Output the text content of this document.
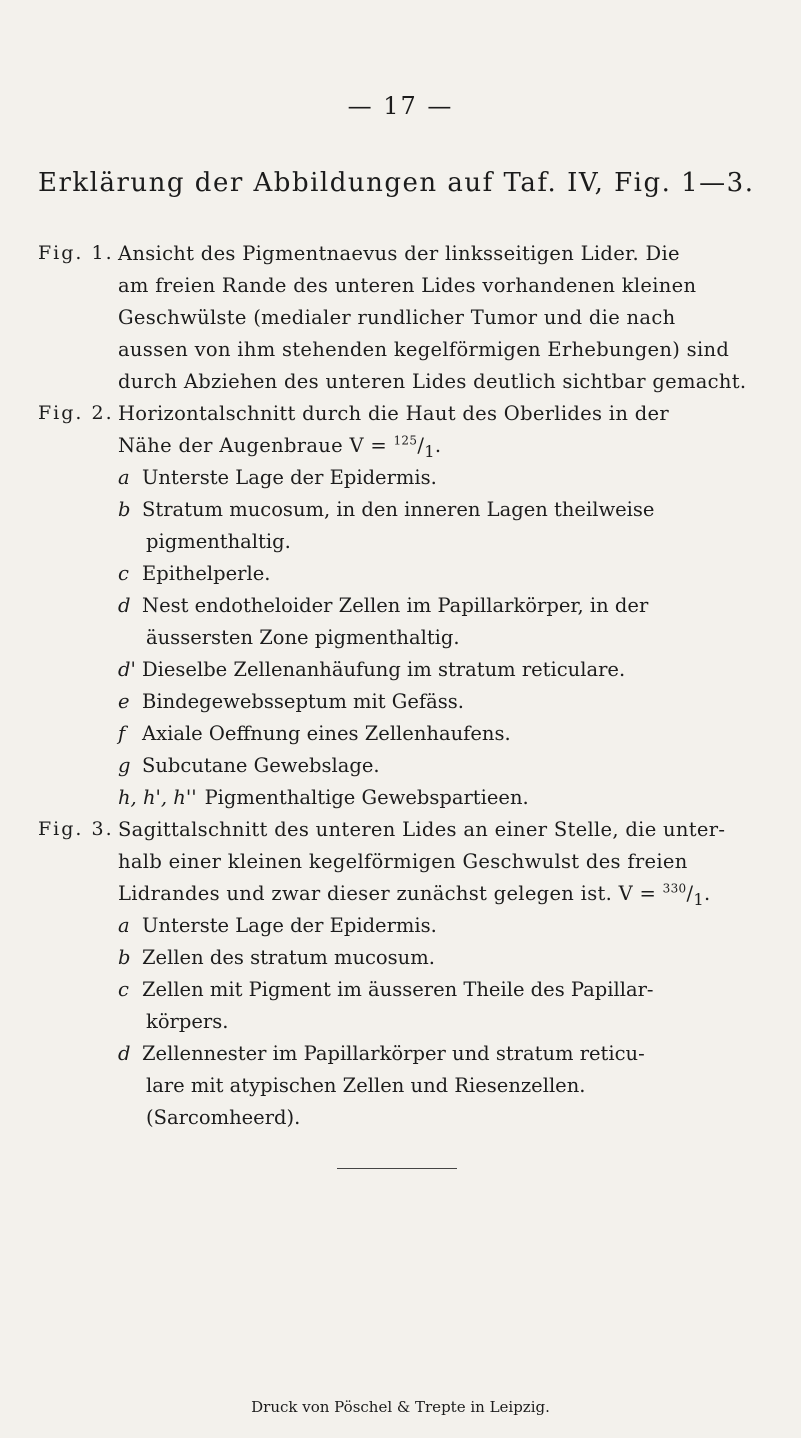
— 17 —
Erklärung der Abbildungen auf Taf. IV, Fig. 1—3.
Fig. 1. Ansicht des Pigmentnaevus der linksseitigen Lider. Die
am freien Rande des unteren Lides vorhandenen kleinen
Geschwülste (medialer rundlicher Tumor und die nach
aussen von ihm stehenden kegelförmigen Erhebungen) sind
durch Abziehen des unteren Lides deutlich sichtbar gemacht.
Fig. 2. Horizontalschnitt durch die Haut des Oberlides in der
Nähe der Augenbraue $V = ^{125}/_1$.
a Unterste Lage der Epidermis.
b Stratum mucosum, in den inneren Lagen theilweise
pigmenthaltig.
c Epithelperle.
d Nest endotheloider Zellen im Papillarkörper, in der
äussersten Zone pigmenthaltig.
d' Dieselbe Zellenanhäufung im stratum reticulare.
e Bindegewebsseptum mit Gefäss.
f Axiale Oeffnung eines Zellenhaufens.
g Subcutane Gewebslage.
h, h', h'' Pigmenthaltige Gewebspartieen.
Fig. 3. Sagittalschnitt des unteren Lides an einer Stelle, die unter-
halb einer kleinen kegelförmigen Geschwulst des freien
Lidrandes und zwar dieser zunächst gelegen ist. $V = ^{330}/_1$.
a Unterste Lage der Epidermis.
b Zellen des stratum mucosum.
c Zellen mit Pigment im äusseren Theile des Papillar-
körpers.
d Zellennester im Papillarkörper und stratum reticu-
lare mit atypischen Zellen und Riesenzellen.
(Sarcomheerd).
Druck von Pöschel & Trepte in Leipzig.
